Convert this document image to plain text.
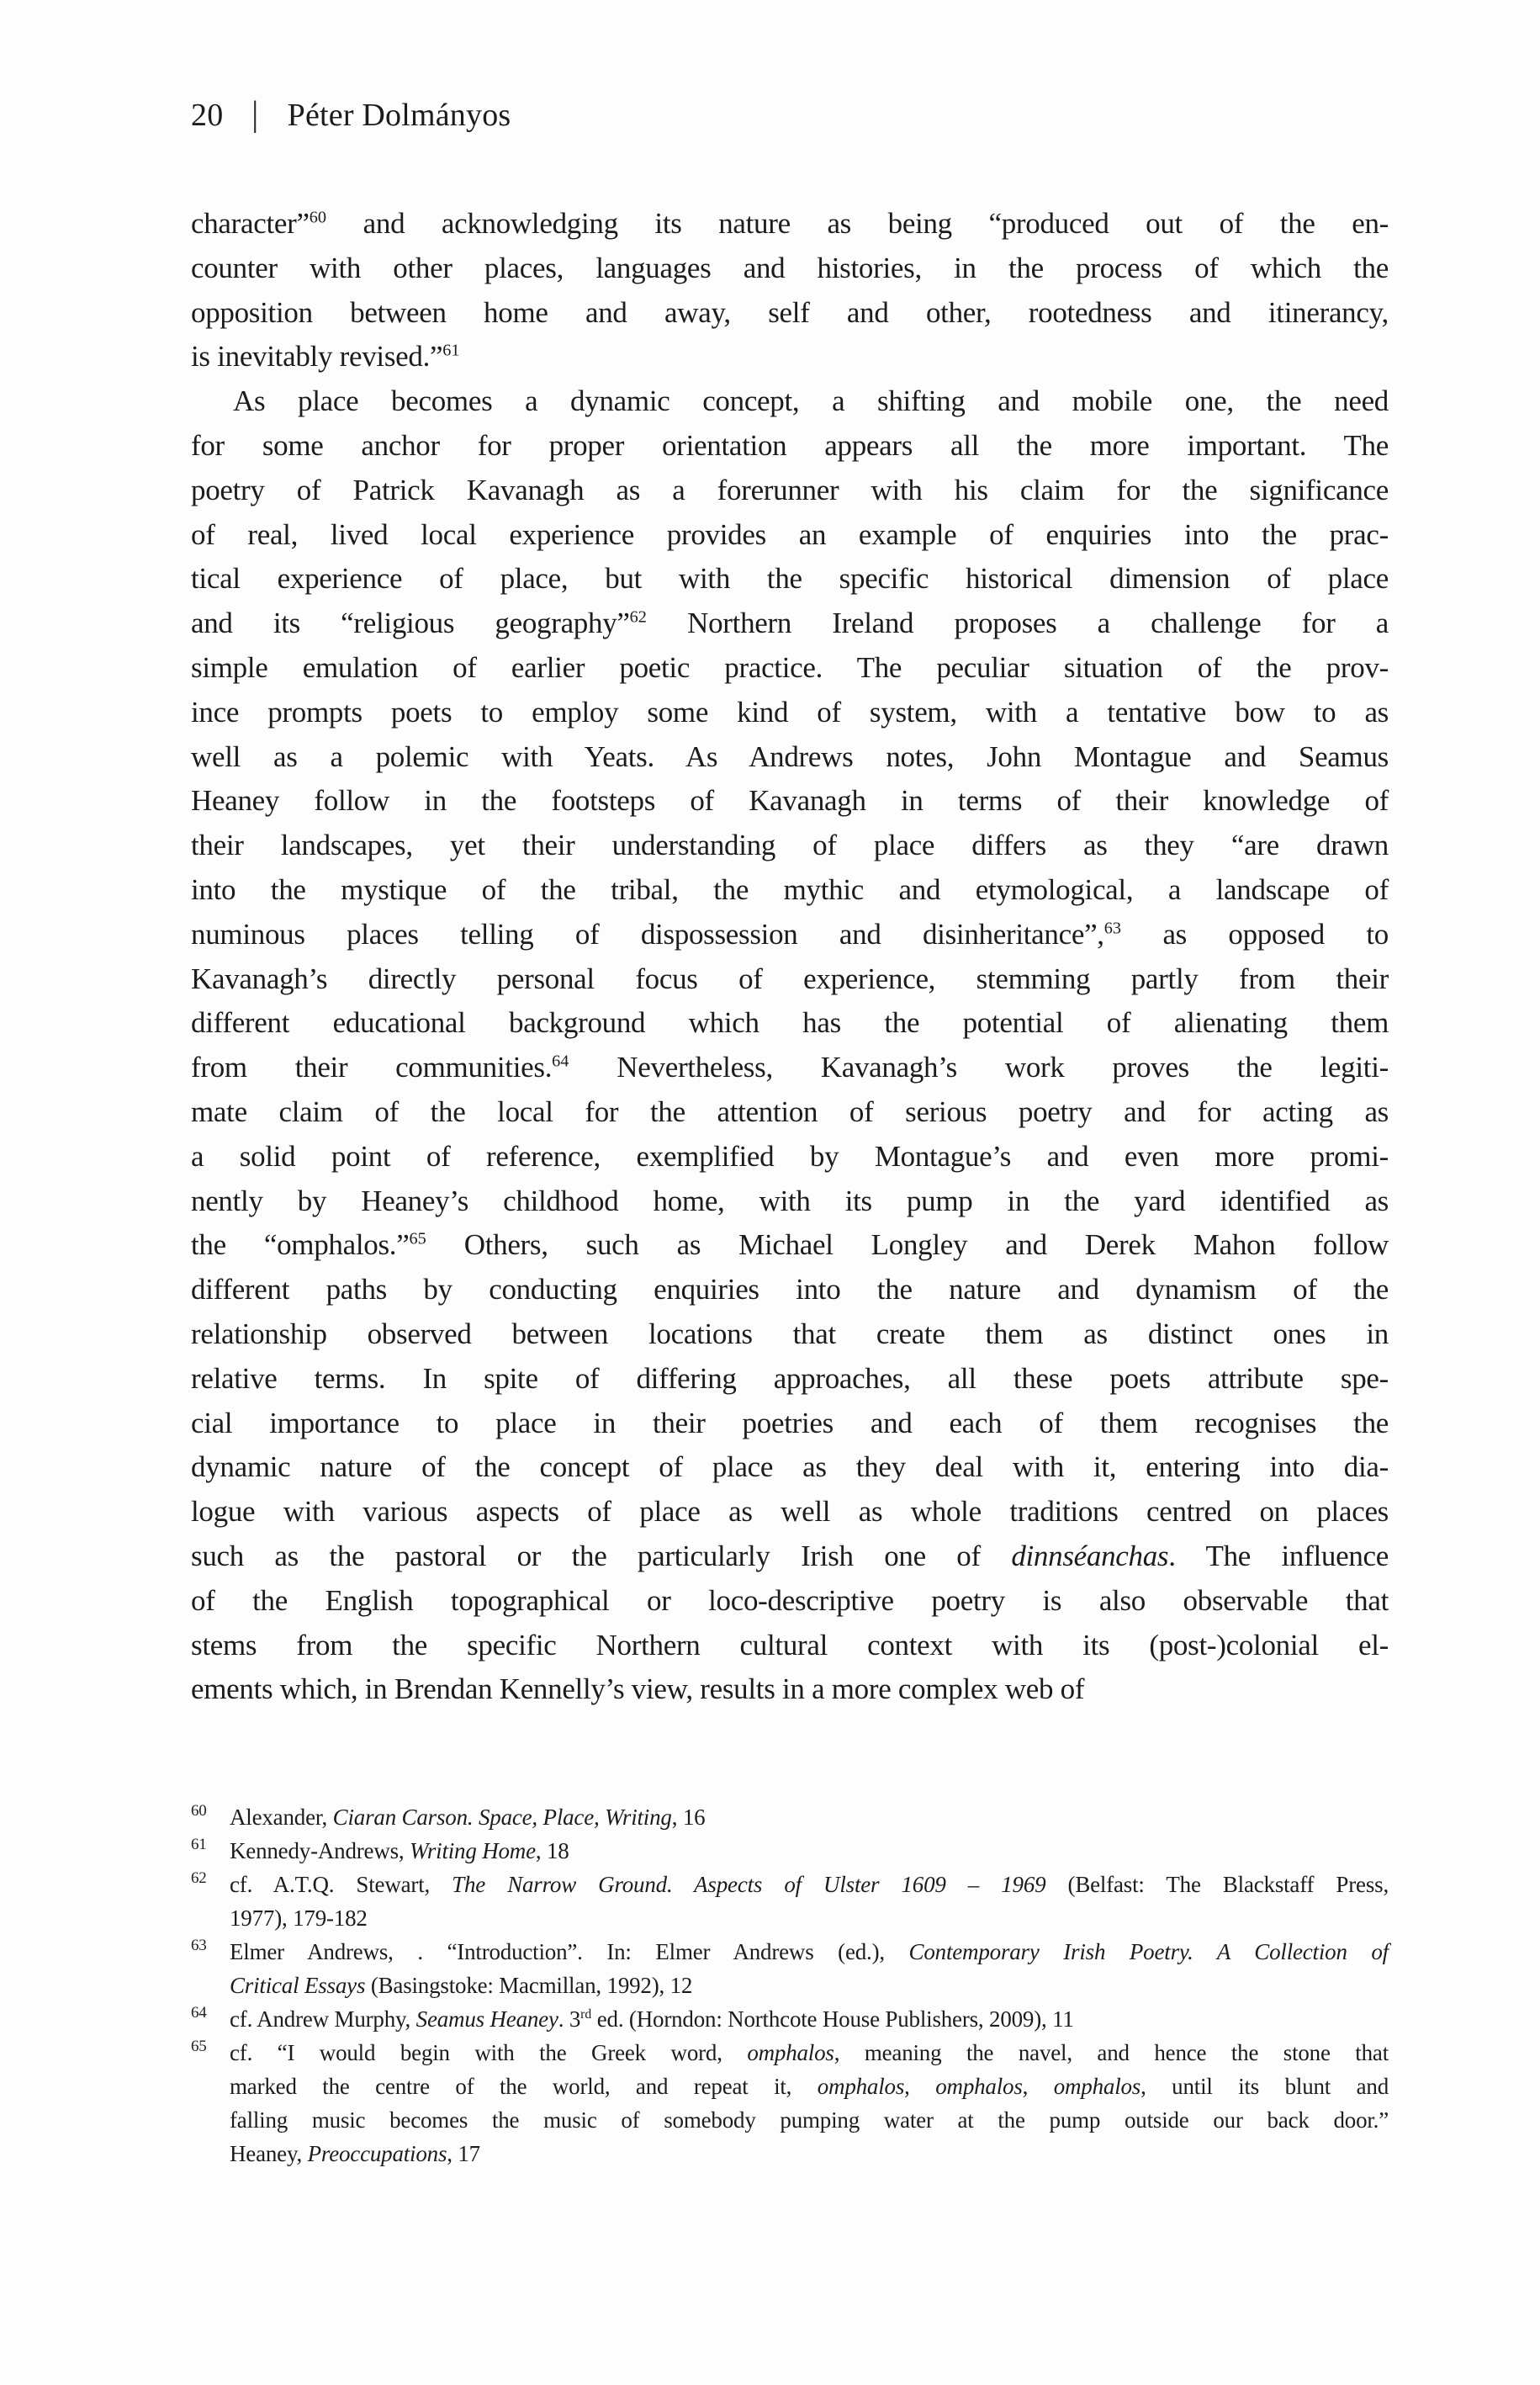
20 | Péter Dolmányos
character”$^{60}$ and acknowledging its nature as being “produced out of the en-
counter with other places, languages and histories, in the process of which the
opposition between home and away, self and other, rootedness and itinerancy,
is inevitably revised.”$^{61}$
As place becomes a dynamic concept, a shifting and mobile one, the need
for some anchor for proper orientation appears all the more important. The
poetry of Patrick Kavanagh as a forerunner with his claim for the significance
of real, lived local experience provides an example of enquiries into the prac-
tical experience of place, but with the specific historical dimension of place
and its “religious geography”$^{62}$ Northern Ireland proposes a challenge for a
simple emulation of earlier poetic practice. The peculiar situation of the prov-
ince prompts poets to employ some kind of system, with a tentative bow to as
well as a polemic with Yeats. As Andrews notes, John Montague and Seamus
Heaney follow in the footsteps of Kavanagh in terms of their knowledge of
their landscapes, yet their understanding of place differs as they “are drawn
into the mystique of the tribal, the mythic and etymological, a landscape of
numinous places telling of dispossession and disinheritance”,$^{63}$ as opposed to
Kavanagh’s directly personal focus of experience, stemming partly from their
different educational background which has the potential of alienating them
from their communities.$^{64}$ Nevertheless, Kavanagh’s work proves the legiti-
mate claim of the local for the attention of serious poetry and for acting as
a solid point of reference, exemplified by Montague’s and even more promi-
nently by Heaney’s childhood home, with its pump in the yard identified as
the “omphalos.”$^{65}$ Others, such as Michael Longley and Derek Mahon follow
different paths by conducting enquiries into the nature and dynamism of the
relationship observed between locations that create them as distinct ones in
relative terms. In spite of differing approaches, all these poets attribute spe-
cial importance to place in their poetries and each of them recognises the
dynamic nature of the concept of place as they deal with it, entering into dia-
logue with various aspects of place as well as whole traditions centred on places
such as the pastoral or the particularly Irish one of dinnséanchas. The influence
of the English topographical or loco-descriptive poetry is also observable that
stems from the specific Northern cultural context with its (post-)colonial el-
ements which, in Brendan Kennelly’s view, results in a more complex web of
60 Alexander, Ciaran Carson. Space, Place, Writing, 16
61 Kennedy-Andrews, Writing Home, 18
62 cf. A.T.Q. Stewart, The Narrow Ground. Aspects of Ulster 1609 – 1969 (Belfast: The Blackstaff Press,
1977), 179-182
63 Elmer Andrews, . “Introduction”. In: Elmer Andrews (ed.), Contemporary Irish Poetry. A Collection of
Critical Essays (Basingstoke: Macmillan, 1992), 12
64 cf. Andrew Murphy, Seamus Heaney. 3rd ed. (Horndon: Northcote House Publishers, 2009), 11
65 cf. “I would begin with the Greek word, omphalos, meaning the navel, and hence the stone that
marked the centre of the world, and repeat it, omphalos, omphalos, omphalos, until its blunt and
falling music becomes the music of somebody pumping water at the pump outside our back door.”
Heaney, Preoccupations, 17
